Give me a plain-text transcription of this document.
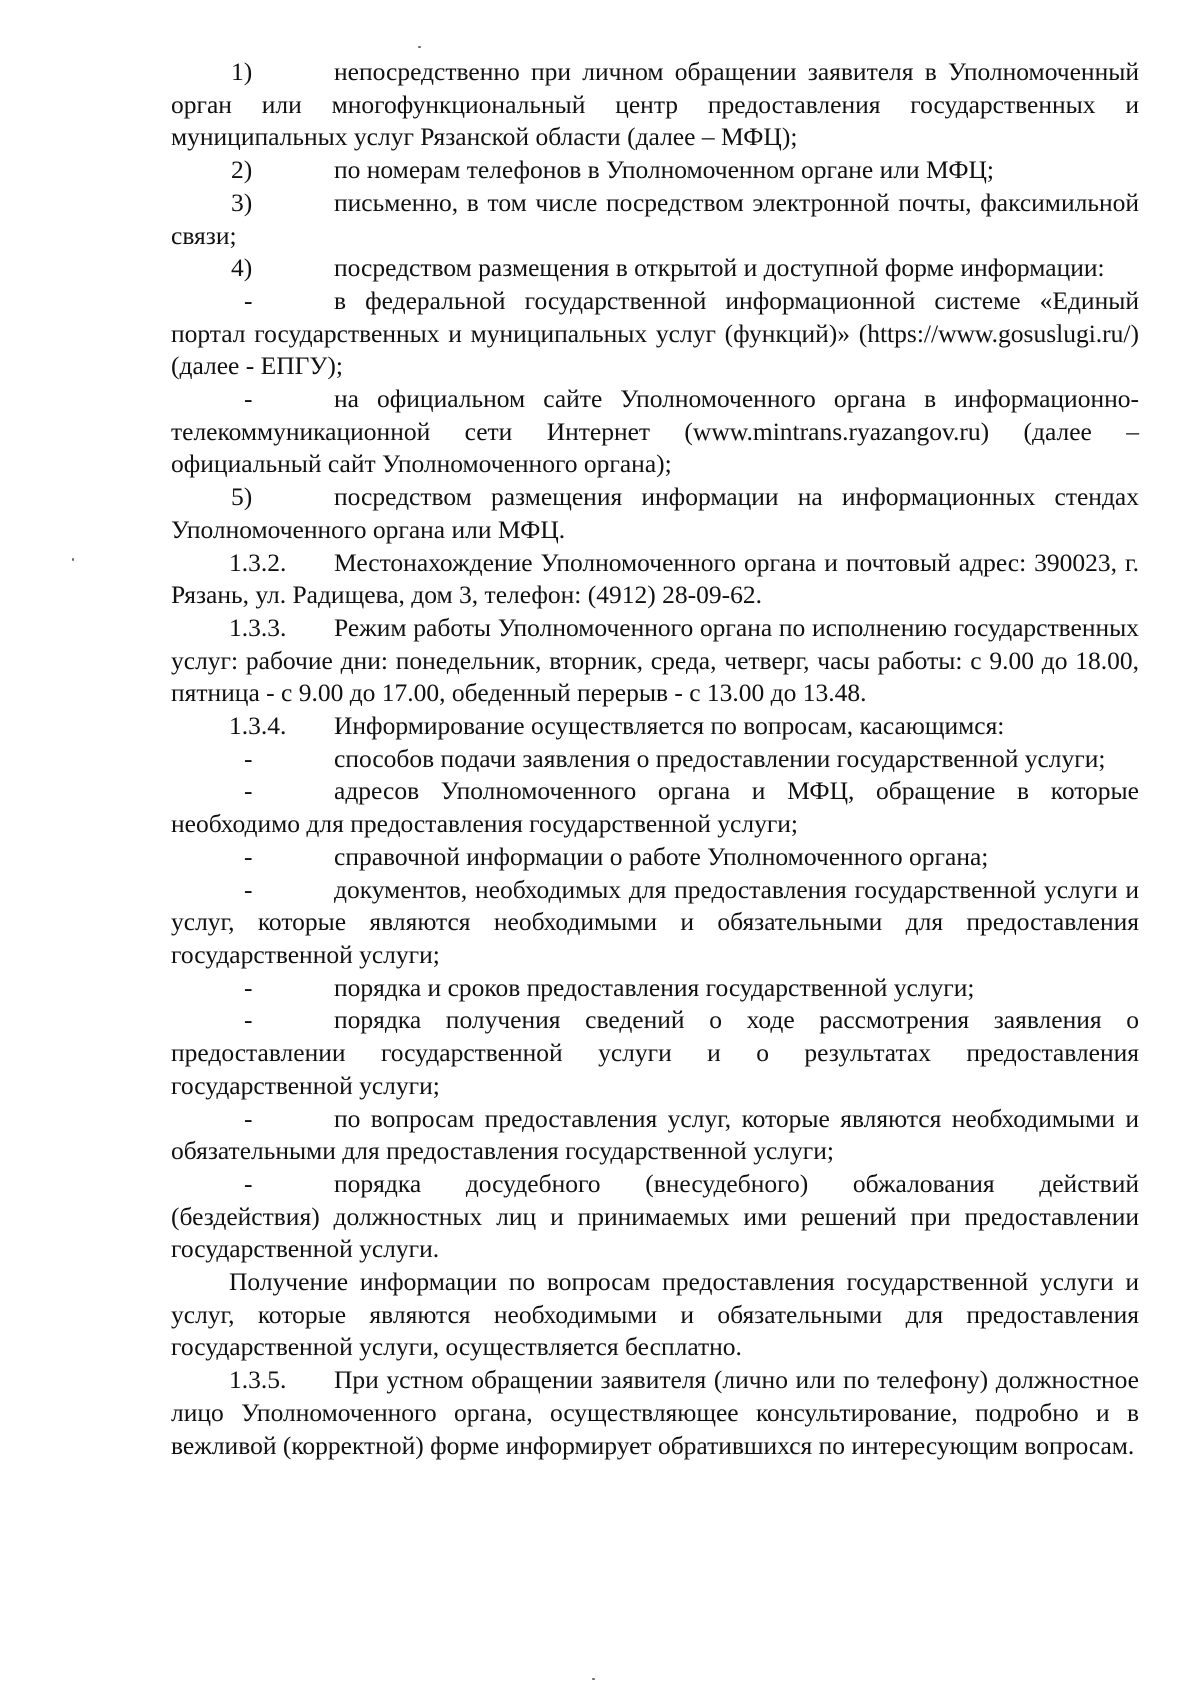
1)	непосредственно при личном обращении заявителя в Уполномоченный орган или многофункциональный центр предоставления государственных и муниципальных услуг Рязанской области (далее – МФЦ);

2)	по номерам телефонов в Уполномоченном органе или МФЦ;

3)	письменно, в том числе посредством электронной почты, факсимильной связи;

4)	посредством размещения в открытой и доступной форме информации:

-	в федеральной государственной информационной системе «Единый портал государственных и муниципальных услуг (функций)» (https://www.gosuslugi.ru/) (далее - ЕПГУ);

-	на официальном сайте Уполномоченного органа в информационно-телекоммуникационной сети Интернет (www.mintrans.ryazangov.ru) (далее – официальный сайт Уполномоченного органа);

5)	посредством размещения информации на информационных стендах Уполномоченного органа или МФЦ.

1.3.2. Местонахождение Уполномоченного органа и почтовый адрес: 390023, г. Рязань, ул. Радищева, дом 3, телефон: (4912) 28-09-62.

1.3.3. Режим работы Уполномоченного органа по исполнению государственных услуг: рабочие дни: понедельник, вторник, среда, четверг, часы работы: с 9.00 до 18.00, пятница - с 9.00 до 17.00, обеденный перерыв - с 13.00 до 13.48.

1.3.4. Информирование осуществляется по вопросам, касающимся:

-	способов подачи заявления о предоставлении государственной услуги;

-	адресов Уполномоченного органа и МФЦ, обращение в которые необходимо для предоставления государственной услуги;

-	справочной информации о работе Уполномоченного органа;

-	документов, необходимых для предоставления государственной услуги и услуг, которые являются необходимыми и обязательными для предоставления государственной услуги;

-	порядка и сроков предоставления государственной услуги;

-	порядка получения сведений о ходе рассмотрения заявления о предоставлении государственной услуги и о результатах предоставления государственной услуги;

-	по вопросам предоставления услуг, которые являются необходимыми и обязательными для предоставления государственной услуги;

-	порядка досудебного (внесудебного) обжалования действий (бездействия) должностных лиц и принимаемых ими решений при предоставлении государственной услуги.

Получение информации по вопросам предоставления государственной услуги и услуг, которые являются необходимыми и обязательными для предоставления государственной услуги, осуществляется бесплатно.

1.3.5. При устном обращении заявителя (лично или по телефону) должностное лицо Уполномоченного органа, осуществляющее консультирование, подробно и в вежливой (корректной) форме информирует обратившихся по интересующим вопросам.
